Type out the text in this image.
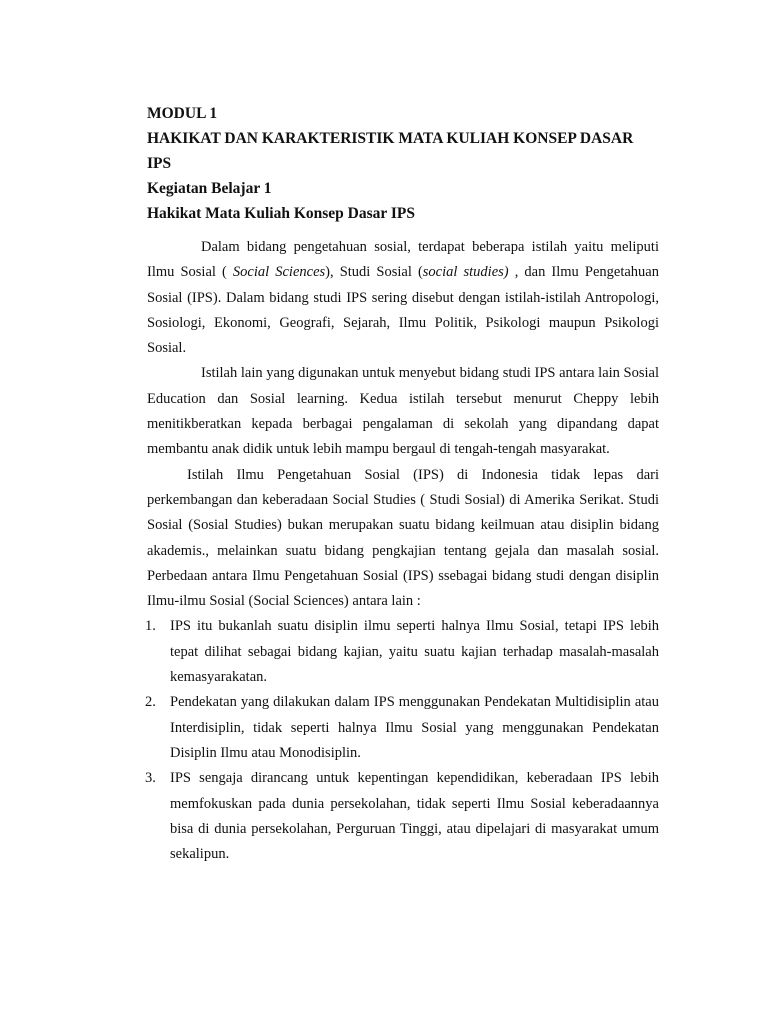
MODUL 1

HAKIKAT DAN KARAKTERISTIK MATA KULIAH KONSEP DASAR IPS

Kegiatan Belajar 1

Hakikat Mata Kuliah Konsep Dasar IPS

Dalam bidang pengetahuan sosial, terdapat beberapa istilah yaitu meliputi Ilmu Sosial ( Social Sciences), Studi Sosial (social studies) , dan Ilmu Pengetahuan Sosial (IPS). Dalam bidang studi IPS sering disebut dengan istilah-istilah Antropologi, Sosiologi, Ekonomi, Geografi, Sejarah, Ilmu Politik, Psikologi maupun Psikologi Sosial.

Istilah lain yang digunakan untuk menyebut bidang studi IPS antara lain Sosial Education dan Sosial learning. Kedua istilah tersebut menurut Cheppy lebih menitikberatkan kepada berbagai pengalaman di sekolah yang dipandang dapat membantu anak didik untuk lebih mampu bergaul di tengah-tengah masyarakat.

Istilah Ilmu Pengetahuan Sosial (IPS) di Indonesia tidak lepas dari perkembangan dan keberadaan Social Studies ( Studi Sosial) di Amerika Serikat. Studi Sosial (Sosial Studies) bukan merupakan suatu bidang keilmuan atau disiplin bidang akademis., melainkan suatu bidang pengkajian tentang gejala dan masalah sosial. Perbedaan antara Ilmu Pengetahuan Sosial (IPS) ssebagai bidang studi dengan disiplin Ilmu-ilmu Sosial (Social Sciences) antara lain :

1. IPS itu bukanlah suatu disiplin ilmu seperti halnya Ilmu Sosial, tetapi IPS lebih tepat dilihat sebagai bidang kajian, yaitu suatu kajian terhadap masalah-masalah kemasyarakatan.
2. Pendekatan yang dilakukan dalam IPS menggunakan Pendekatan Multidisiplin atau Interdisiplin, tidak seperti halnya Ilmu Sosial yang menggunakan Pendekatan Disiplin Ilmu atau Monodisiplin.
3. IPS sengaja dirancang untuk kepentingan kependidikan, keberadaan IPS lebih memfokuskan pada dunia persekolahan, tidak seperti Ilmu Sosial keberadaannya bisa di dunia persekolahan, Perguruan Tinggi, atau dipelajari di masyarakat umum sekalipun.
